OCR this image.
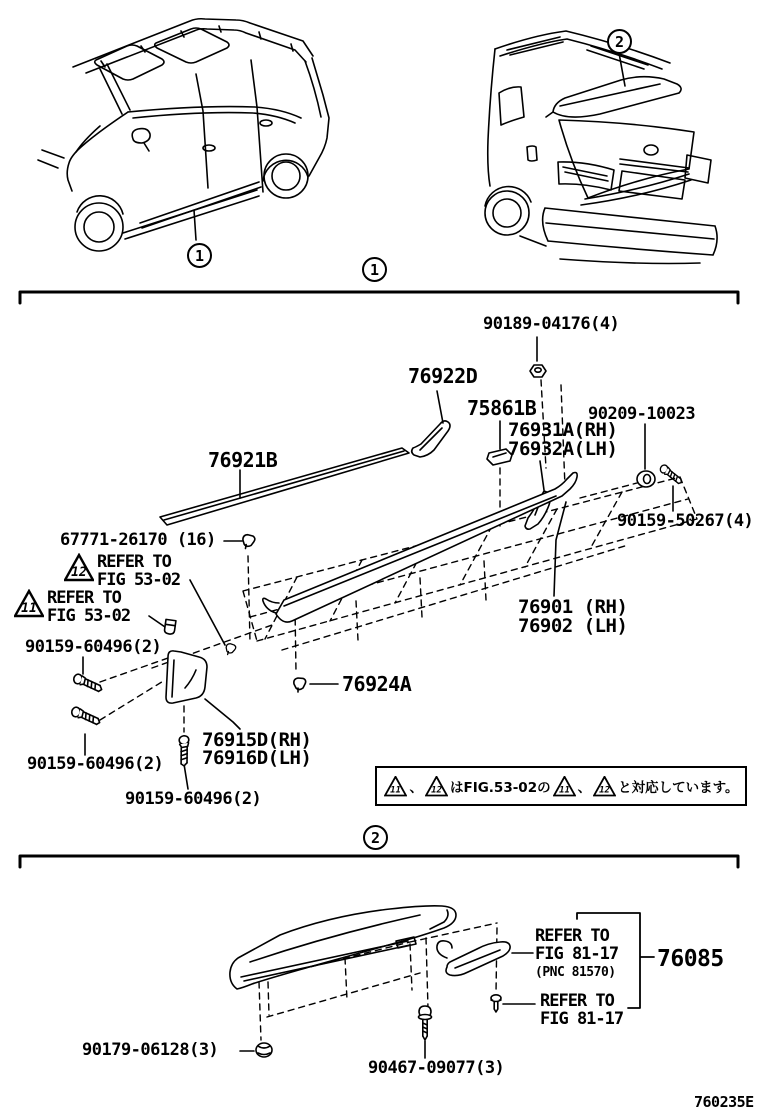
1
2
1
2
90189-04176(4)
76922D
75861B
76931A(RH)
76932A(LH)
90209-10023
90159-50267(4)
76921B
67771-26170 (16)
12
REFER TO
FIG 53-02
11
REFER TO
FIG 53-02
90159-60496(2)
90159-60496(2)
90159-60496(2)
76924A
76901 (RH)
76902 (LH)
76915D(RH)
76916D(LH)
11 、 12 はFIG.53-02の 11 、 12 と対応しています。
90179-06128(3)
90467-09077(3)
REFER TO
FIG 81-17
(PNC 81570)
76085
REFER TO
FIG 81-17
760235E
